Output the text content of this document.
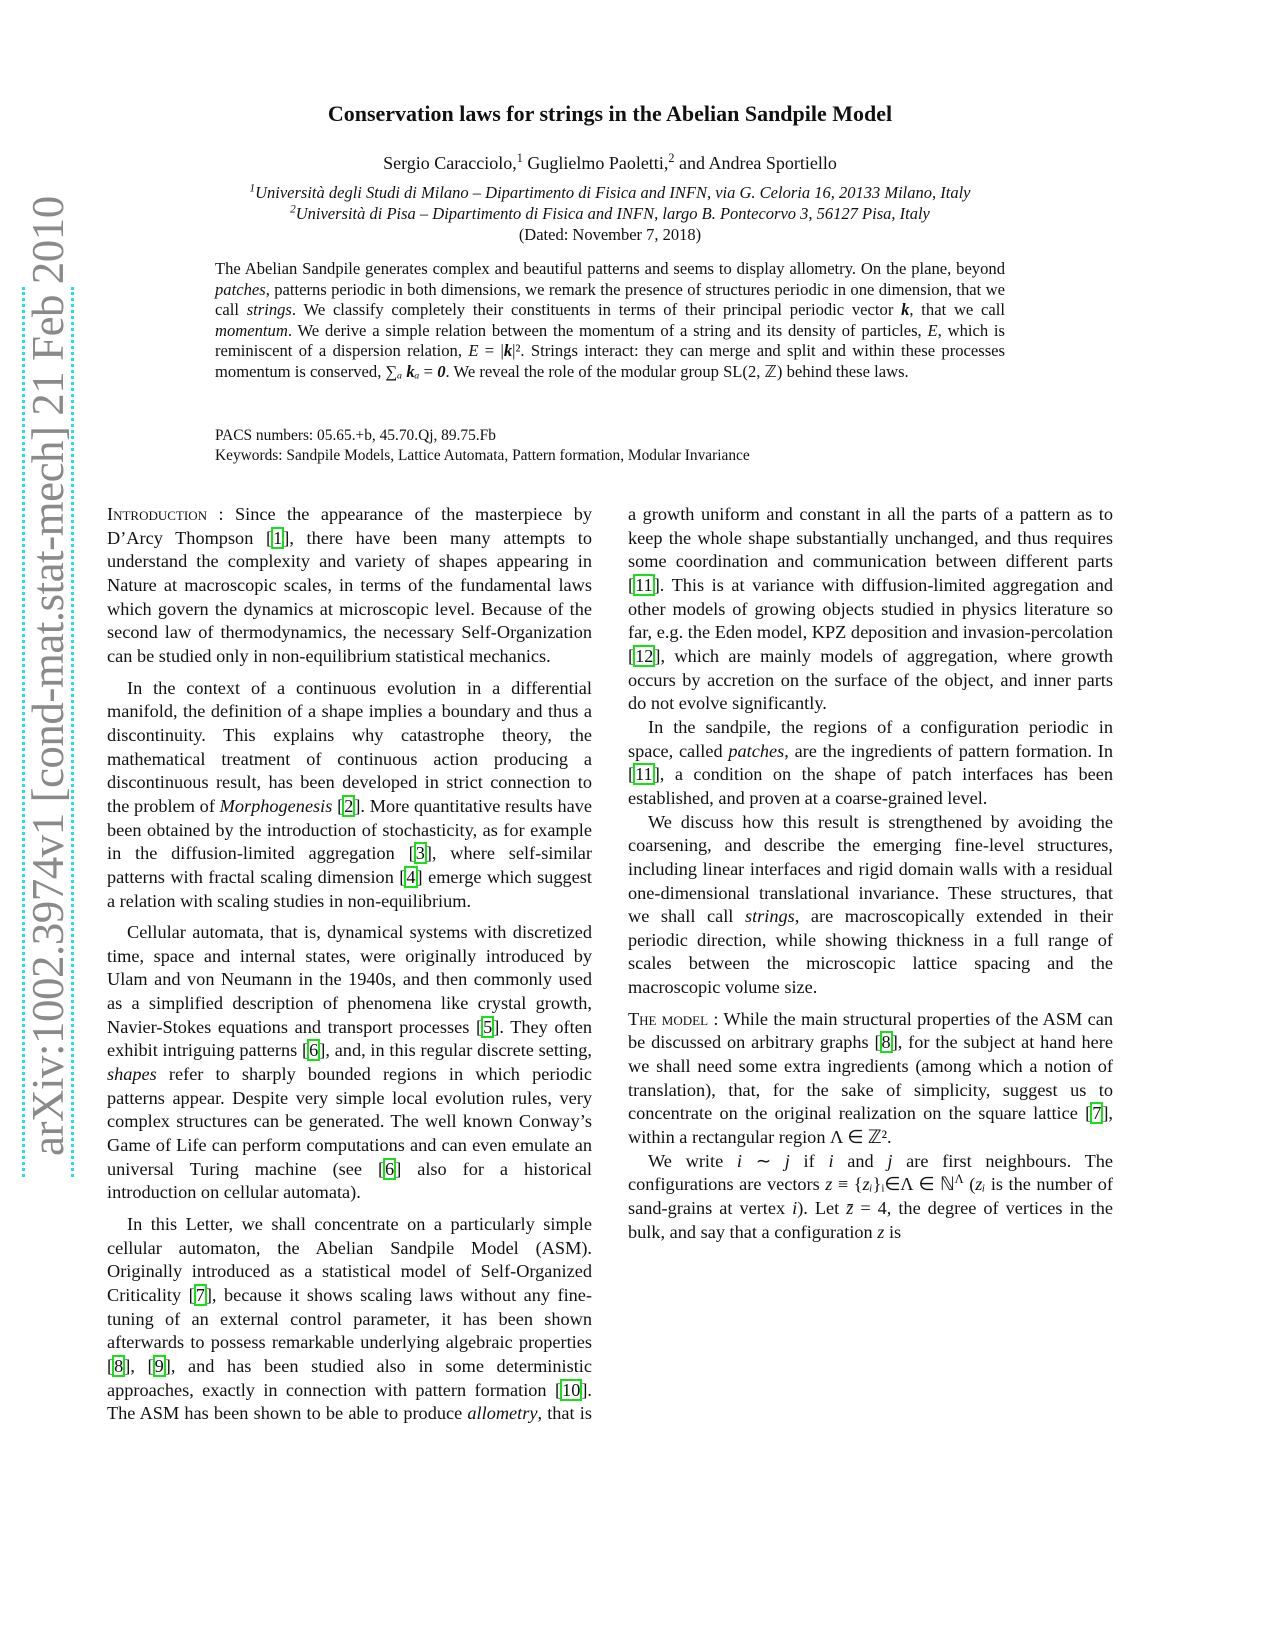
arXiv:1002.3974v1 [cond-mat.stat-mech] 21 Feb 2010
Conservation laws for strings in the Abelian Sandpile Model
Sergio Caracciolo,$^1$ Guglielmo Paoletti,$^2$ and Andrea Sportiello
$^1$Università degli Studi di Milano – Dipartimento di Fisica and INFN, via G. Celoria 16, 20133 Milano, Italy
$^2$Università di Pisa – Dipartimento di Fisica and INFN, largo B. Pontecorvo 3, 56127 Pisa, Italy
(Dated: November 7, 2018)
The Abelian Sandpile generates complex and beautiful patterns and seems to display allometry. On the plane, beyond patches, patterns periodic in both dimensions, we remark the presence of structures periodic in one dimension, that we call strings. We classify completely their constituents in terms of their principal periodic vector k, that we call momentum. We derive a simple relation between the momentum of a string and its density of particles, E, which is reminiscent of a dispersion relation, E = |k|². Strings interact: they can merge and split and within these processes momentum is conserved, ∑ₐ kₐ = 0. We reveal the role of the modular group SL(2, ℤ) behind these laws.
PACS numbers: 05.65.+b, 45.70.Qj, 89.75.Fb
Keywords: Sandpile Models, Lattice Automata, Pattern formation, Modular Invariance

Introduction : Since the appearance of the masterpiece by D’Arcy Thompson [1], there have been many attempts to understand the complexity and variety of shapes appearing in Nature at macroscopic scales, in terms of the fundamental laws which govern the dynamics at microscopic level. Because of the second law of thermodynamics, the necessary Self-Organization can be studied only in non-equilibrium statistical mechanics.

In the context of a continuous evolution in a differential manifold, the definition of a shape implies a boundary and thus a discontinuity. This explains why catastrophe theory, the mathematical treatment of continuous action producing a discontinuous result, has been developed in strict connection to the problem of Morphogenesis [2]. More quantitative results have been obtained by the introduction of stochasticity, as for example in the diffusion-limited aggregation [3], where self-similar patterns with fractal scaling dimension [4] emerge which suggest a relation with scaling studies in non-equilibrium.

Cellular automata, that is, dynamical systems with discretized time, space and internal states, were originally introduced by Ulam and von Neumann in the 1940s, and then commonly used as a simplified description of phenomena like crystal growth, Navier-Stokes equations and transport processes [5]. They often exhibit intriguing patterns [6], and, in this regular discrete setting, shapes refer to sharply bounded regions in which periodic patterns appear. Despite very simple local evolution rules, very complex structures can be generated. The well known Conway’s Game of Life can perform computations and can even emulate an universal Turing machine (see [6] also for a historical introduction on cellular automata).

In this Letter, we shall concentrate on a particularly simple cellular automaton, the Abelian Sandpile Model (ASM). Originally introduced as a statistical model of Self-Organized Criticality [7], because it shows scaling laws without any fine-tuning of an external control parameter, it has been shown afterwards to possess remarkable underlying algebraic properties [8], [9], and has been studied also in some deterministic approaches, exactly in connection with pattern formation [10]. The ASM has been shown to be able to produce allometry, that is a growth uniform and constant in all the parts of a pattern as to keep the whole shape substantially unchanged, and thus requires some coordination and communication between different parts [11]. This is at variance with diffusion-limited aggregation and other models of growing objects studied in physics literature so far, e.g. the Eden model, KPZ deposition and invasion-percolation [12], which are mainly models of aggregation, where growth occurs by accretion on the surface of the object, and inner parts do not evolve significantly.

In the sandpile, the regions of a configuration periodic in space, called patches, are the ingredients of pattern formation. In [11], a condition on the shape of patch interfaces has been established, and proven at a coarse-grained level.

We discuss how this result is strengthened by avoiding the coarsening, and describe the emerging fine-level structures, including linear interfaces and rigid domain walls with a residual one-dimensional translational invariance. These structures, that we shall call strings, are macroscopically extended in their periodic direction, while showing thickness in a full range of scales between the microscopic lattice spacing and the macroscopic volume size.

The model : While the main structural properties of the ASM can be discussed on arbitrary graphs [8], for the subject at hand here we shall need some extra ingredients (among which a notion of translation), that, for the sake of simplicity, suggest us to concentrate on the original realization on the square lattice [7], within a rectangular region Λ ∈ ℤ².

We write i ∼ j if i and j are first neighbours. The configurations are vectors z ≡ {zᵢ}ᵢ∈Λ ∈ ℕ$^\Lambda$ (zᵢ is the number of sand-grains at vertex i). Let z̄ = 4, the degree of vertices in the bulk, and say that a configuration z is
